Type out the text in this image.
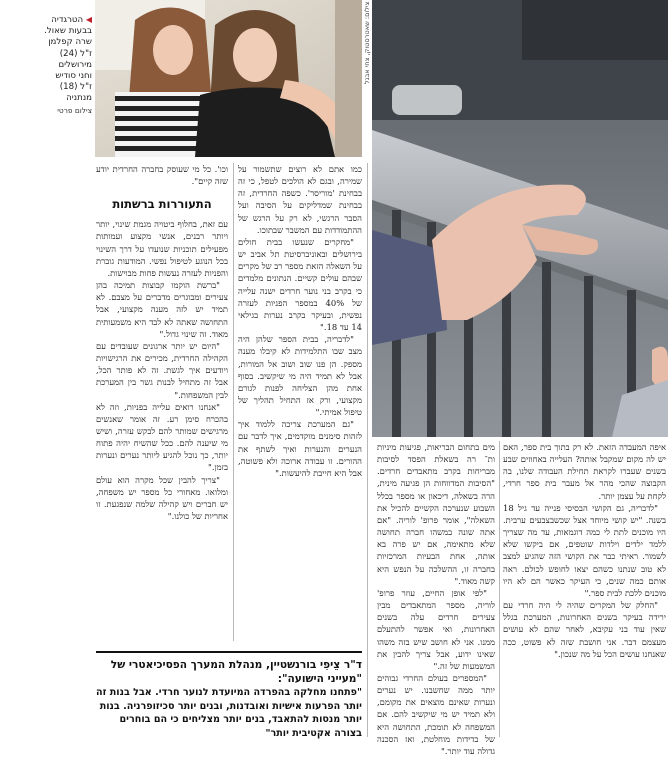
◀ הטרגדיה
בבעות שאול.
שרה קפלמן
ז"ל (24)
מירושלים
וחני סודיש
ז"ל (18)
מנתניה
צילום פרטי
צילום: שאטרסטוק, צחי אבגל

איפה המעבדה הזאת. לא רק בתוך בית ספר, האם יש לה מקום שמקבל אותה? העלייה באחוזים שבע בשנים שעברו לקראת תחילת העבודה שלנו, בה הקבוצה שהכי מהר אל מעבר בית ספר חרדי, לקחת על עצמן יותר.

"לדבריה, גם הקושי הבסיסי פנייה עד גיל 18 בשנה. "יש קושי מיוחד אצל שכשבצבעים ערבית. היו מוכנים לתת לי כמה דוגמאות, עד מה שצריך ללמד ילדים וילדות שוטפים, אם ביקשו שלא לשמור. ראיתי כבר את הקושי הזה שהגיע למצב לא טוב שנתנו כשהם יצאו לחופש לכולם. ראה אותם כמה שנים, כי העיקר כאשר הם לא היו מוכנים ללכת לבית ספר."

"החלק של המקרים שהיה לי היה חרדי עם ירידה בעיקר בשנים האחרונות, המערכת בגלל שאין עוד בני עקיבא, לאחר שהם לא עושים מעצמם דבר. אני חושבת שזה לא פשוט, ככה שאנחנו עושים הכל על מה שנכון."

מים בתחום הבריאות, פגיעות מיניות ות־ רה בשאלת הפסד לסיבות מבריחות בקרב מתאבדים חרדים. "הסיבות המדווחות הן פגיעה מינית, הרה בשאלה, דיכאון או מספר בכלל השבוע שנערכה הקשיים להכיל את השאלה", אומר פרופ' לוריה. "אם אתה שונה במשהו חברה תחושה שלא מתאימה, אם יש פרה בא אותה, אחת הבעיות המרכזיות בחברה זו, ההשלכה על הנפש היא קשה מאוד."

"לפי אופן החיים, עוזר פרופ' לוריה, מספר המתאבדים מבין צעירים חרדים עלה בשנים האחרונות, ואי אפשר להתעלם ממנו. אני לא חושב שיש בזה משהו שאינו ידוע, אבל צריך להבין את המשמעות של זה."

"המספרים בעולם החרדי גבוהים יותר ממה שחשבנו. יש נערים ונערות שאינם מוצאים את מקומם, ולא תמיד יש מי שיקשיב להם. אם המשפחה לא תומכת, התחושה היא של בדידות מוחלטת, ואז הסכנה גדולה עוד יותר."

כמו אתם לא רוצים שתשמור על שמירה, ובגם לא הולכים לטפל, כי זה בבחינת 'מוריסר'. כשפה החרדית, זה בבחינת שמדליקים על הסיבה ועל הסבר הרגשי, לא רק על הרגש של ההתמודדות עם המשבר שבתוכו.

"מחקרים שנעשו בבית חולים בירושלים ובאוניברסיטת תל אביב יש על השאלה הזאת מספר רב של מקרים שבהם עולים קשיים. הנתונים מלמדים כי בקרב בני נוער חרדים ישנה עלייה של 40% במספר הפניות לעזרה נפשית, ובעיקר בקרב נערות בגילאי 14 עד 18."

"לדבריה, בבית הספר שלהן היה מצב שבו התלמידות לא קיבלו מענה מספק. הן פנו שוב ושוב אל המורות, אבל לא תמיד היה מי שיקשיב. בסוף אחת מהן הצליחה לפנות לגורם מקצועי, ורק אז התחיל תהליך של טיפול אמיתי."

"גם המערכת צריכה ללמוד איך לזהות סימנים מוקדמים, איך לדבר עם הנערים והנערות ואיך לשתף את ההורים. זו עבודה ארוכה ולא פשוטה, אבל היא חייבת להיעשות."

וכו'. כל מי שעוסק בחברה החרדית יודע שזה קיים".

התעוררות ברשתות

עם זאת, בחלוף ביטויה מגמת שינוי, יותר ויותר רבנים, אנשי מקצוע ועמותות מפעילים תוכניות שנועדו על דרך השינוי בכל הנוגע לטיפול נפשי. המודעות גוברת והפניות לעזרה נעשות פחות מבוישות.

"ברשת הוקמו קבוצות תמיכה בהן צעירים ומבוגרים מדברים על מצבם. לא תמיד יש לזה מענה מקצועי, אבל התחושה שאתה לא לבד היא משמעותית מאוד. זה שינוי גדול."

"היום יש יותר ארגונים שעובדים עם הקהילה החרדית, מכירים את הרגישויות ויודעים איך לגשת. זה לא פותר הכל, אבל זה מתחיל לבנות גשר בין המערכת לבין המשפחות."

"אנחנו רואים עלייה בפניות, וזה לא בהכרח סימן רע. זה אומר שאנשים מרגישים שמותר להם לבקש עזרה, ושיש מי שיענה להם. ככל שהשיח יהיה פתוח יותר, כך נוכל להגיע ליותר נערים ונערות בזמן."

"צריך להבין שכל מקרה הוא עולם ומלואו. מאחורי כל מספר יש משפחה, יש חברים ויש קהילה שלמה שנפגעת. זו אחריות של כולנו."

ד"ר צֵיפִי בורנשטיין, מנהלת המערך הפסיכיאטרי של "מעייני הישועה":
"פתחנו מחלקה בהפרדה המיועדת לנוער חרדי. אבל בנות זה יותר הפרעות אישיות ואובדנות, ובנים יותר סכיזופרניה. בנות יותר מנסות להתאבד, בנים יותר מצליחים כי הם בוחרים בצורה אקטיבית יותר"
